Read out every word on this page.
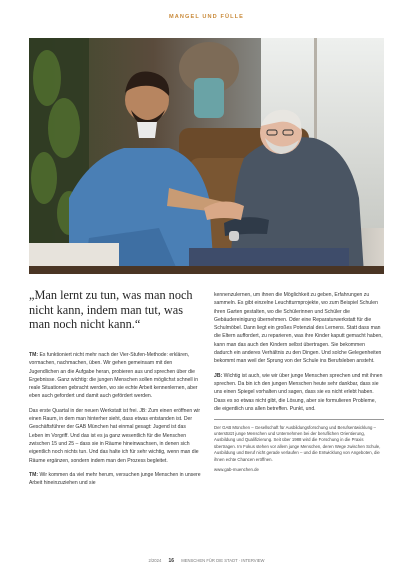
MANGEL UND FÜLLE
„Man lernt zu tun, was man noch nicht kann, indem man tut, was man noch nicht kann.“

TM: Es funktioniert nicht mehr nach der Vier-Stufen-Methode: erklären, vormachen, nachmachen, üben. Wir gehen gemeinsam mit den Jugendlichen an die Aufgabe heran, probieren aus und sprechen über die Ergebnisse. Ganz wichtig: die jungen Menschen sollen möglichst schnell in reale Situationen gebracht werden, wo sie echte Arbeit kennenlernen, aber eben auch gefordert und damit auch gefördert werden.

Das erste Quartal in der neuen Werkstatt ist frei. JB: Zum einen eröffnen wir einen Raum, in dem man hinterher sieht, dass etwas entstanden ist. Der Geschäftsführer der GAB München hat einmal gesagt: Jugend ist das Leben im Vorgriff. Und das ist es ja ganz wesentlich für die Menschen zwischen 15 und 25 – dass sie in Räume hineinwachsen, in denen sich eigentlich noch nichts tun. Und das halte ich für sehr wichtig, wenn man die Räume ergänzen, sondern indem man den Prozess begleitet.

TM: Wir kommen da viel mehr herum, versuchen junge Menschen in unsere Arbeit hineinzuziehen und sie

kennenzulernen, um ihnen die Möglichkeit zu geben, Erfahrungen zu sammeln. Es gibt einzelne Leuchtturmprojekte, wo zum Beispiel Schulen ihren Garten gestalten, wo die Schülerinnen und Schüler die Gebäudereinigung übernehmen. Oder eine Reparaturwerkstatt für die Schulmöbel. Dann liegt ein großes Potenzial des Lernens. Statt dass man die Eltern auffordert, zu reparieren, was ihre Kinder kaputt gemacht haben, kann man das auch den Kindern selbst übertragen. Sie bekommen dadurch ein anderes Verhältnis zu den Dingen. Und solche Gelegenheiten bekommt man weil der Sprung von der Schule ins Berufsleben ansteht.

JB: Wichtig ist auch, wie wir über junge Menschen sprechen und mit ihnen sprechen. Da bin ich den jungen Menschen heute sehr dankbar, dass sie uns einen Spiegel vorhalten und sagen, dass sie es nicht erlebt haben. Dass es so etwas nicht gibt, die Lösung, aber sie formulieren Probleme, die eigentlich uns allen betreffen. Punkt, und.

Der GAB München – Gesellschaft für Ausbildungsforschung und Berufsentwicklung – unterstützt junge Menschen und Unternehmen bei der beruflichen Orientierung, Ausbildung und Qualifizierung. Seit über 1988 wird die Forschung in die Praxis übertragen. Im Fokus stehen vor allem junge Menschen, deren Wege zwischen Schule, Ausbildung und Beruf nicht gerade verlaufen – und die Entwicklung von Angeboten, die ihnen echte Chancen eröffnen.
www.gab-muenchen.de
2/2024 16 MENSCHEN FÜR DIE STADT · INTERVIEW
